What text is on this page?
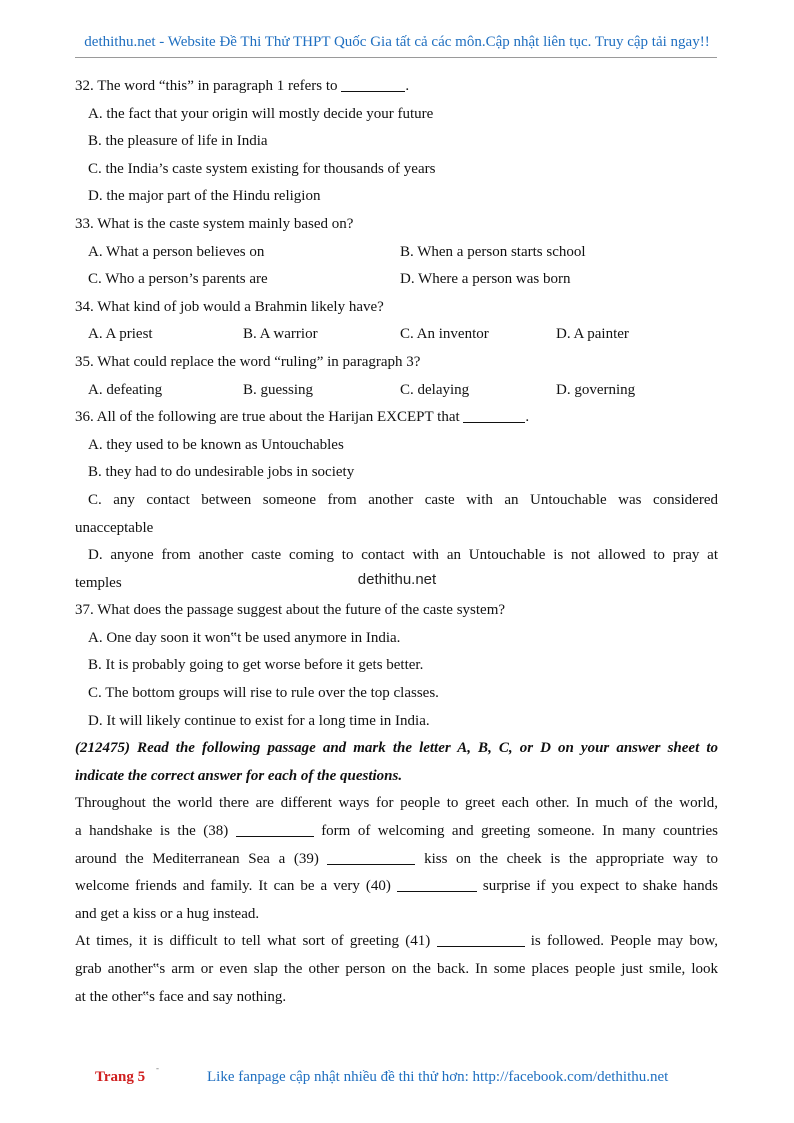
dethithu.net - Website Đề Thi Thử THPT Quốc Gia tất cả các môn.Cập nhật liên tục. Truy cập tải ngay!!
32. The word “this” in paragraph 1 refers to	.
A. the fact that your origin will mostly decide your future
B. the pleasure of life in India
C. the India’s caste system existing for thousands of years
D. the major part of the Hindu religion
33. What is the caste system mainly based on?
A. What a person believes on	B. When a person starts school
C. Who a person’s parents are	D. Where a person was born
34. What kind of job would a Brahmin likely have?
A. A priest	B. A warrior	C. An inventor	D. A painter
35. What could replace the word “ruling” in paragraph 3?
A. defeating	B. guessing	C. delaying	D. governing
36. All of the following are true about the Harijan EXCEPT that	.
A. they used to be known as Untouchables
B. they had to do undesirable jobs in society
C. any contact between someone from another caste with an Untouchable was considered
unacceptable
D. anyone from another caste coming to contact with an Untouchable is not allowed to pray at
temples
37. What does the passage suggest about the future of the caste system?
A. One day soon it won‟t be used anymore in India.
B. It is probably going to get worse before it gets better.
C. The bottom groups will rise to rule over the top classes.
D. It will likely continue to exist for a long time in India.
(212475) Read the following passage and mark the letter A, B, C, or D on your answer sheet to
indicate the correct answer for each of the questions.
Throughout the world there are different ways for people to greet each other. In much of the world,
a handshake is the (38)	form of welcoming and greeting someone. In many countries
around the Mediterranean Sea a (39)	kiss on the cheek is the appropriate way to
welcome friends and family. It can be a very (40)	surprise if you expect to shake hands
and get a kiss or a hug instead.
At times, it is difficult to tell what sort of greeting (41)	is followed. People may bow,
grab another‟s arm or even slap the other person on the back. In some places people just smile, look
at the other‟s face and say nothing.
dethithu.net
Trang 5
-
Like fanpage cập nhật nhiều đề thi thử hơn: http://facebook.com/dethithu.net
